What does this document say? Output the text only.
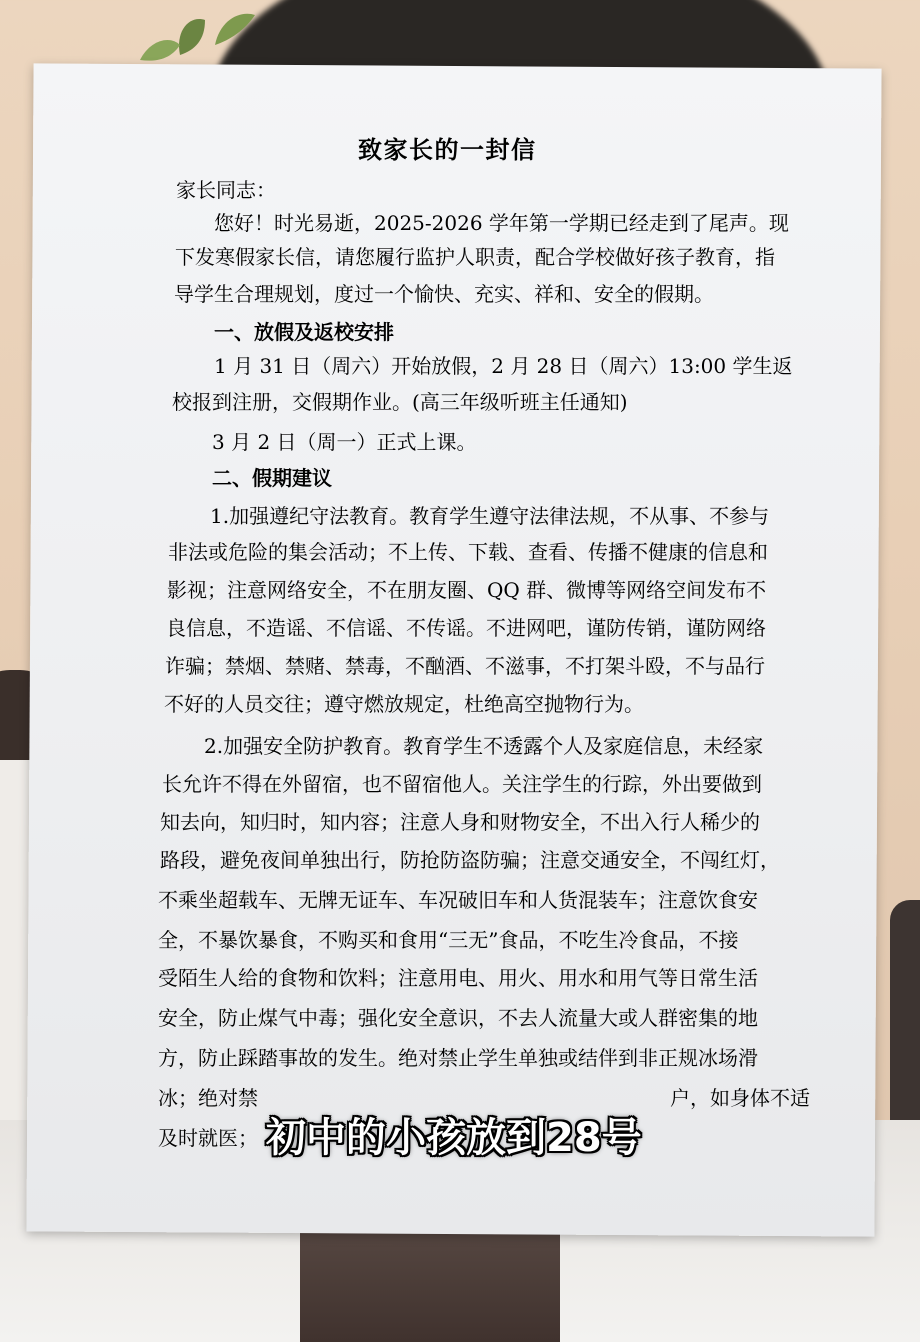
致家长的一封信
家长同志：
您好！时光易逝，2025-2026 学年第一学期已经走到了尾声。现
下发寒假家长信，请您履行监护人职责，配合学校做好孩子教育，指
导学生合理规划，度过一个愉快、充实、祥和、安全的假期。
一、放假及返校安排
1 月 31 日（周六）开始放假，2 月 28 日（周六）13:00 学生返
校报到注册，交假期作业。(高三年级听班主任通知)
3 月 2 日（周一）正式上课。
二、假期建议
1.加强遵纪守法教育。教育学生遵守法律法规，不从事、不参与
非法或危险的集会活动；不上传、下载、查看、传播不健康的信息和
影视；注意网络安全，不在朋友圈、QQ 群、微博等网络空间发布不
良信息，不造谣、不信谣、不传谣。不进网吧，谨防传销，谨防网络
诈骗；禁烟、禁赌、禁毒，不酗酒、不滋事，不打架斗殴，不与品行
不好的人员交往；遵守燃放规定，杜绝高空抛物行为。
2.加强安全防护教育。教育学生不透露个人及家庭信息，未经家
长允许不得在外留宿，也不留宿他人。关注学生的行踪，外出要做到
知去向，知归时，知内容；注意人身和财物安全，不出入行人稀少的
路段，避免夜间单独出行，防抢防盗防骗；注意交通安全，不闯红灯，
不乘坐超载车、无牌无证车、车况破旧车和人货混装车；注意饮食安
全，不暴饮暴食，不购买和食用“三无”食品，不吃生冷食品，不接
受陌生人给的食物和饮料；注意用电、用火、用水和用气等日常生活
安全，防止煤气中毒；强化安全意识，不去人流量大或人群密集的地
方，防止踩踏事故的发生。绝对禁止学生单独或结伴到非正规冰场滑
冰；绝对禁	户，如身体不适
及时就医； 初中的小孩放到28号
